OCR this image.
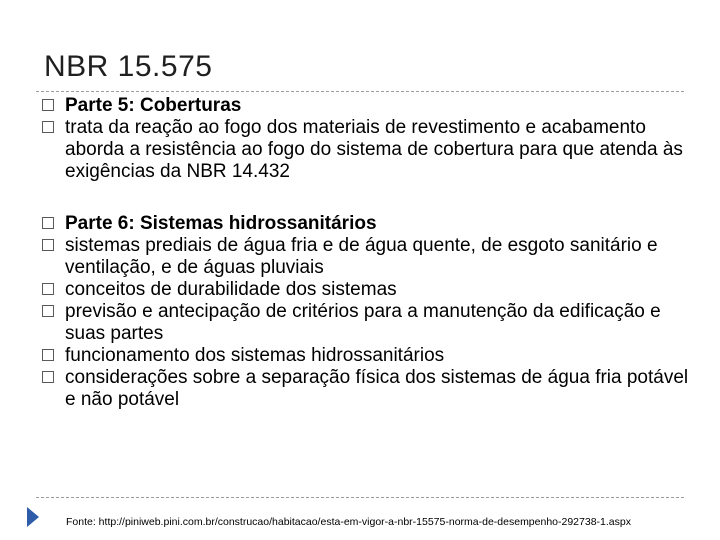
NBR 15.575
Parte 5: Coberturas
trata da reação ao fogo dos materiais de revestimento e acabamento aborda a resistência ao fogo do sistema de cobertura para que atenda às exigências da NBR 14.432
Parte 6: Sistemas hidrossanitários
sistemas prediais de água fria e de água quente, de esgoto sanitário e ventilação, e de águas pluviais
conceitos de durabilidade dos sistemas
previsão e antecipação de critérios para a manutenção da edificação e suas partes
funcionamento dos sistemas hidrossanitários
considerações sobre a separação física dos sistemas de água fria potável e não potável
Fonte: http://piniweb.pini.com.br/construcao/habitacao/esta-em-vigor-a-nbr-15575-norma-de-desempenho-292738-1.aspx
